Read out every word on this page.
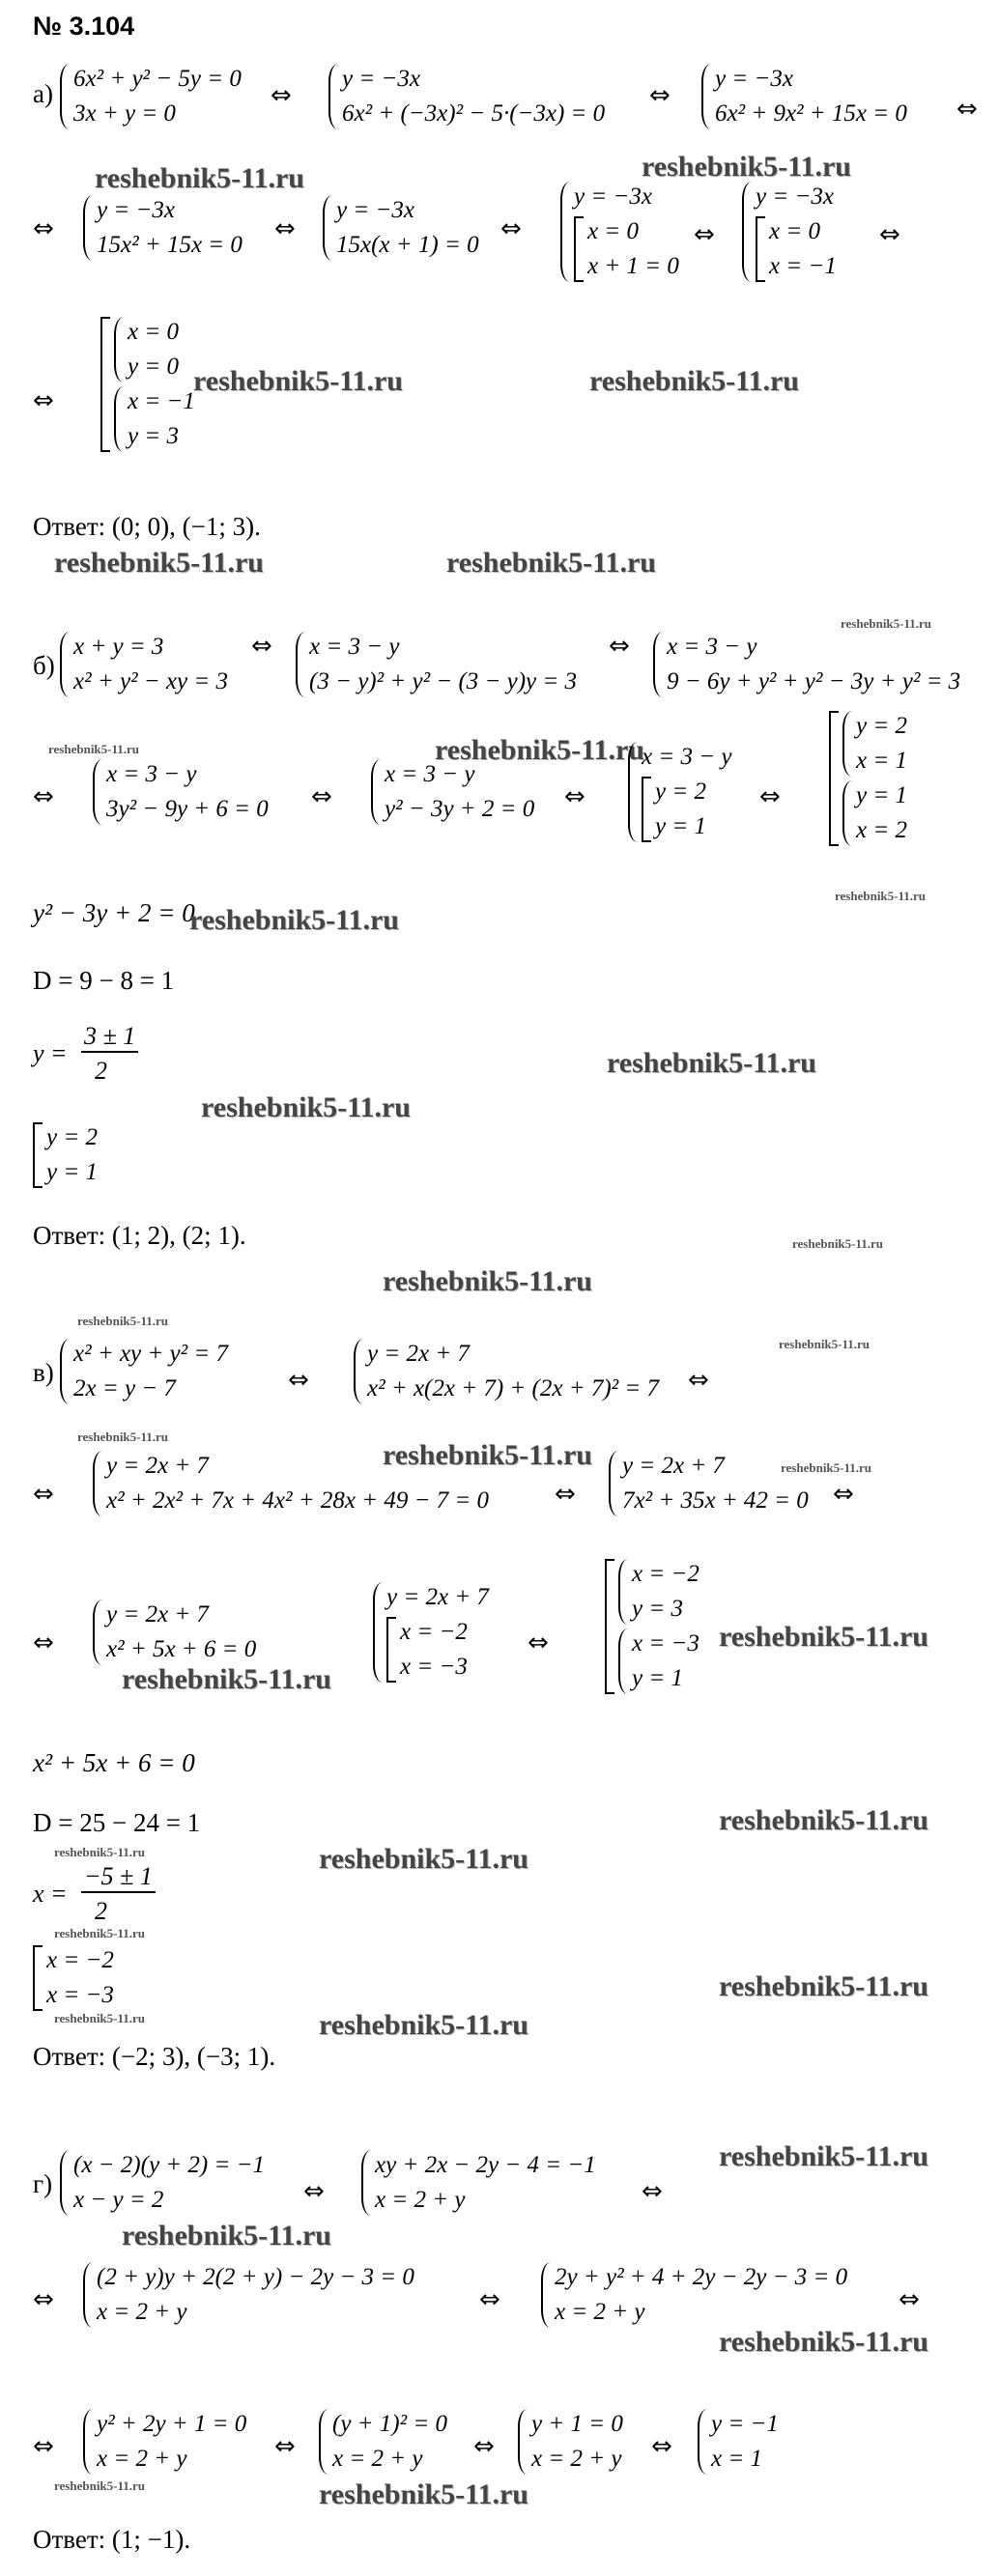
№ 3.104
а)
6x² + y² − 5y = 0
3x + y = 0
⇔
y = −3x
6x² + (−3x)² − 5·(−3x) = 0
⇔
y = −3x
6x² + 9x² + 15x = 0 ⇔
reshebnik5-11.ru	reshebnik5-11.ru
⇔
y = −3x
15x² + 15x = 0
⇔
y = −3x
15x(x + 1) = 0
⇔
y = −3x
x = 0
x + 1 = 0
⇔
y = −3x
x = 0
x = −1
⇔
⇔
x = 0
y = 0
x = −1
y = 3
reshebnik5-11.ru	reshebnik5-11.ru
Ответ: (0; 0), (−1; 3).
reshebnik5-11.ru	reshebnik5-11.ru
б)
x + y = 3
x² + y² − xy = 3
⇔ x = 3 − y
(3 − y)² + y² − (3 − y)y = 3
⇔ x = 3 − y
9 − 6y + y² + y² − 3y + y² = 3
reshebnik5-11.ru
reshebnik5-11.ru
⇔
x = 3 − y
3y² − 9y + 6 = 0 ⇔
x = 3 − y
y² − 3y + 2 = 0
reshebnik5-11.ru
⇔
x = 3 − y
y = 2
y = 1
⇔
y = 2
x = 1
y = 1
x = 2
reshebnik5-11.ru
y² − 3y + 2 = 0
reshebnik5-11.ru
D = 9 − 8 = 1
y =
3 ± 1
2	reshebnik5-11.ru
reshebnik5-11.ru
y = 2
y = 1
Ответ: (1; 2), (2; 1).	reshebnik5-11.ru
reshebnik5-11.ru
reshebnik5-11.ru
в)
x² + xy + y² = 7
2x = y − 7	⇔
y = 2x + 7
x² + x(2x + 7) + (2x + 7)² = 7 ⇔
reshebnik5-11.ru
reshebnik5-11.ru
⇔
y = 2x + 7
x² + 2x² + 7x + 4x² + 28x + 49 − 7 = 0
reshebnik5-11.ru
⇔
y = 2x + 7
7x² + 35x + 42 = 0
reshebnik5-11.ru
⇔
⇔
y = 2x + 7
x² + 5x + 6 = 0
reshebnik5-11.ru
y = 2x + 7
x = −2
x = −3
⇔
x = −2
y = 3
x = −3
y = 1
reshebnik5-11.ru
x² + 5x + 6 = 0
D = 25 − 24 = 1	reshebnik5-11.ru
reshebnik5-11.ru	reshebnik5-11.ru
x =
−5 ± 1
2
reshebnik5-11.ru
x = −2
x = −3
reshebnik5-11.ru
reshebnik5-11.ru
reshebnik5-11.ru
Ответ: (−2; 3), (−3; 1).
г)
(x − 2)(y + 2) = −1
x − y = 2	⇔
xy + 2x − 2y − 4 = −1
x = 2 + y	⇔
reshebnik5-11.ru
reshebnik5-11.ru
⇔
(2 + y)y + 2(2 + y) − 2y − 3 = 0
x = 2 + y	⇔
2y + y² + 4 + 2y − 2y − 3 = 0
x = 2 + y	⇔
reshebnik5-11.ru
⇔
y² + 2y + 1 = 0
x = 2 + y
reshebnik5-11.ru
⇔
(y + 1)² = 0
x = 2 + y	⇔
y + 1 = 0
x = 2 + y ⇔
y = −1
x = 1
reshebnik5-11.ru
Ответ: (1; −1).
